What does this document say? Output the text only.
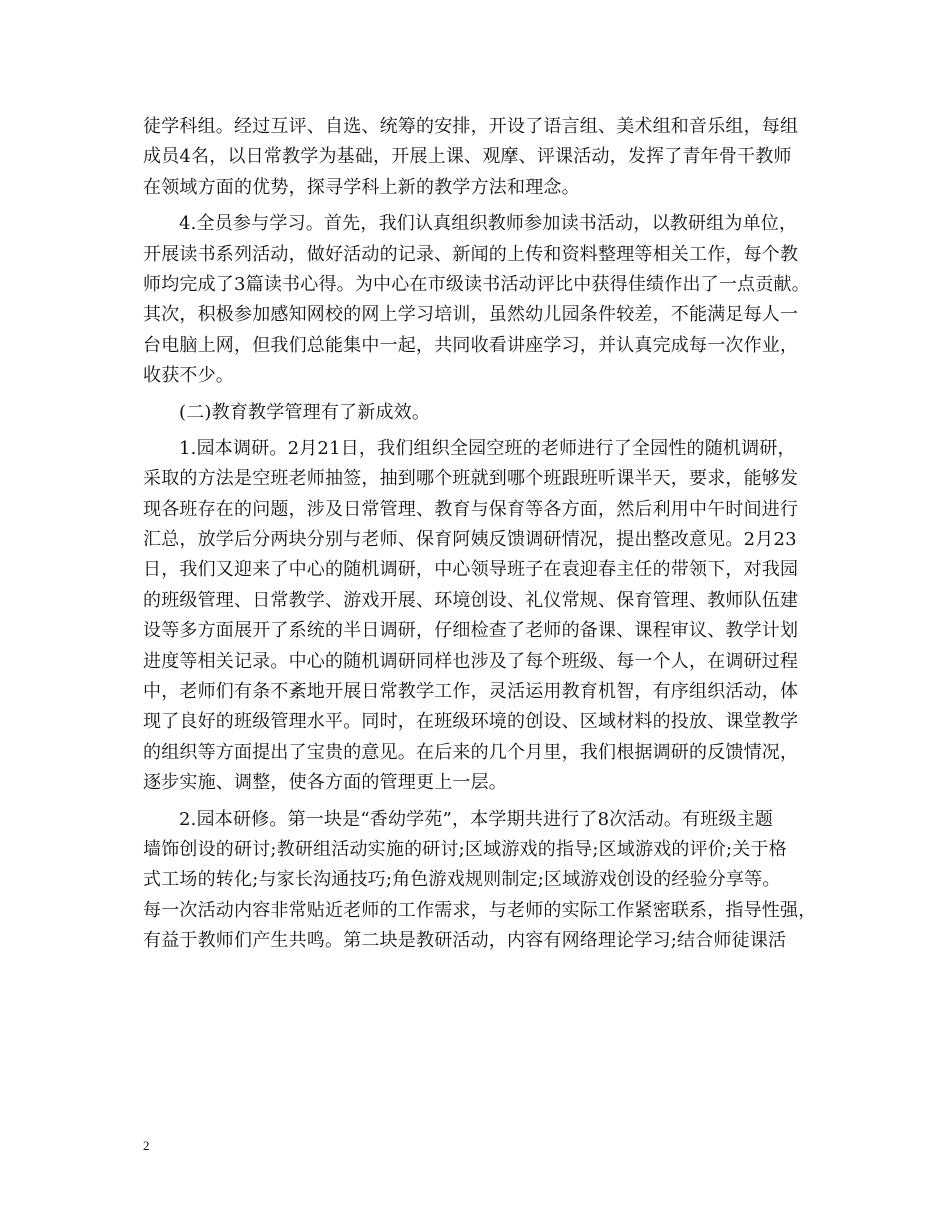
徒学科组。经过互评、自选、统筹的安排，开设了语言组、美术组和音乐组，每组
成员4名，以日常教学为基础，开展上课、观摩、评课活动，发挥了青年骨干教师
在领域方面的优势，探寻学科上新的教学方法和理念。
4.全员参与学习。首先，我们认真组织教师参加读书活动，以教研组为单位，
开展读书系列活动，做好活动的记录、新闻的上传和资料整理等相关工作，每个教
师均完成了3篇读书心得。为中心在市级读书活动评比中获得佳绩作出了一点贡献。
其次，积极参加感知网校的网上学习培训，虽然幼儿园条件较差，不能满足每人一
台电脑上网，但我们总能集中一起，共同收看讲座学习，并认真完成每一次作业，
收获不少。
(二)教育教学管理有了新成效。
1.园本调研。2月21日，我们组织全园空班的老师进行了全园性的随机调研，
采取的方法是空班老师抽签，抽到哪个班就到哪个班跟班听课半天，要求，能够发
现各班存在的问题，涉及日常管理、教育与保育等各方面，然后利用中午时间进行
汇总，放学后分两块分别与老师、保育阿姨反馈调研情况，提出整改意见。2月23
日，我们又迎来了中心的随机调研，中心领导班子在袁迎春主任的带领下，对我园
的班级管理、日常教学、游戏开展、环境创设、礼仪常规、保育管理、教师队伍建
设等多方面展开了系统的半日调研，仔细检查了老师的备课、课程审议、教学计划
进度等相关记录。中心的随机调研同样也涉及了每个班级、每一个人，在调研过程
中，老师们有条不紊地开展日常教学工作，灵活运用教育机智，有序组织活动，体
现了良好的班级管理水平。同时，在班级环境的创设、区域材料的投放、课堂教学
的组织等方面提出了宝贵的意见。在后来的几个月里，我们根据调研的反馈情况，
逐步实施、调整，使各方面的管理更上一层。
2.园本研修。第一块是“香幼学苑”，本学期共进行了8次活动。有班级主题
墙饰创设的研讨;教研组活动实施的研讨;区域游戏的指导;区域游戏的评价;关于格
式工场的转化;与家长沟通技巧;角色游戏规则制定;区域游戏创设的经验分享等。
每一次活动内容非常贴近老师的工作需求，与老师的实际工作紧密联系，指导性强，
有益于教师们产生共鸣。第二块是教研活动，内容有网络理论学习;结合师徒课活
2
